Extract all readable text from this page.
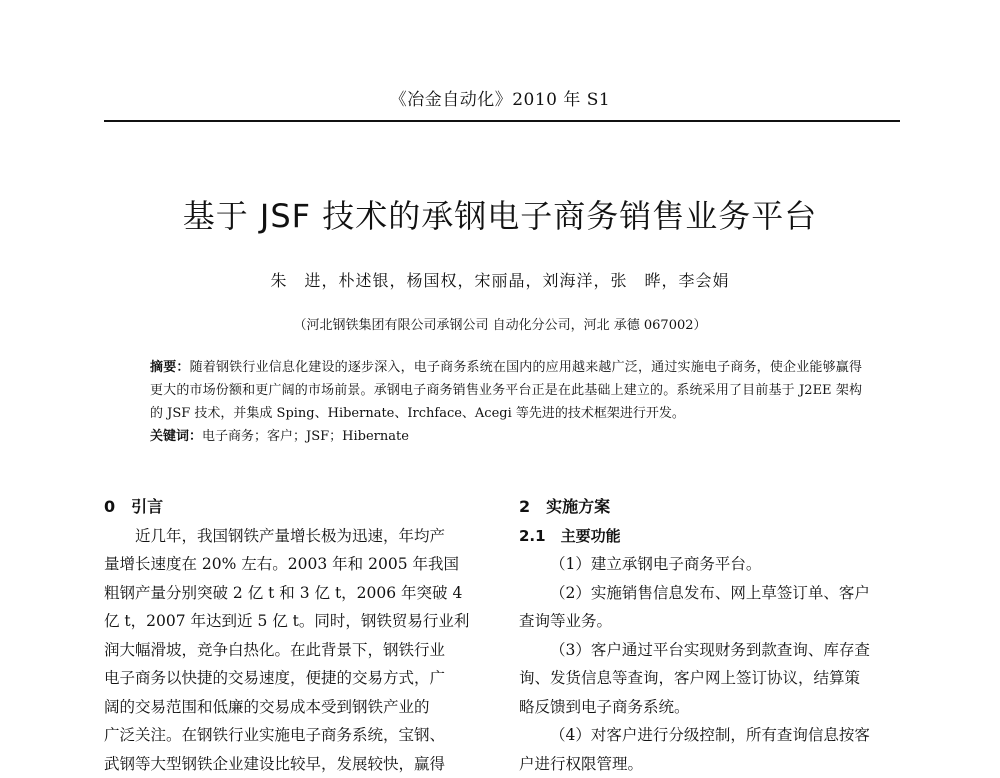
《冶金自动化》2010 年 S1
基于 JSF 技术的承钢电子商务销售业务平台
朱　进，朴述银，杨国权，宋丽晶，刘海洋，张　晔，李会娟
（河北钢铁集团有限公司承钢公司 自动化分公司，河北 承德 067002）

摘要：随着钢铁行业信息化建设的逐步深入，电子商务系统在国内的应用越来越广泛，通过实施电子商务，使企业能够赢得更大的市场份额和更广阔的市场前景。承钢电子商务销售业务平台正是在此基础上建立的。系统采用了目前基于 J2EE 架构的 JSF 技术，并集成 Sping、Hibernate、Irchface、Acegi 等先进的技术框架进行开发。

关键词：电子商务；客户；JSF；Hibernate

0　引言

近几年，我国钢铁产量增长极为迅速，年均产
量增长速度在 20% 左右。2003 年和 2005 年我国
粗钢产量分别突破 2 亿 t 和 3 亿 t，2006 年突破 4
亿 t，2007 年达到近 5 亿 t。同时，钢铁贸易行业利
润大幅滑坡，竞争白热化。在此背景下，钢铁行业
电子商务以快捷的交易速度，便捷的交易方式，广
阔的交易范围和低廉的交易成本受到钢铁产业的
广泛关注。在钢铁行业实施电子商务系统，宝钢、
武钢等大型钢铁企业建设比较早，发展较快，赢得

2　实施方案
2.1　主要功能

（1）建立承钢电子商务平台。
（2）实施销售信息发布、网上草签订单、客户
查询等业务。
（3）客户通过平台实现财务到款查询、库存查
询、发货信息等查询，客户网上签订协议，结算策
略反馈到电子商务系统。
（4）对客户进行分级控制，所有查询信息按客
户进行权限管理。
